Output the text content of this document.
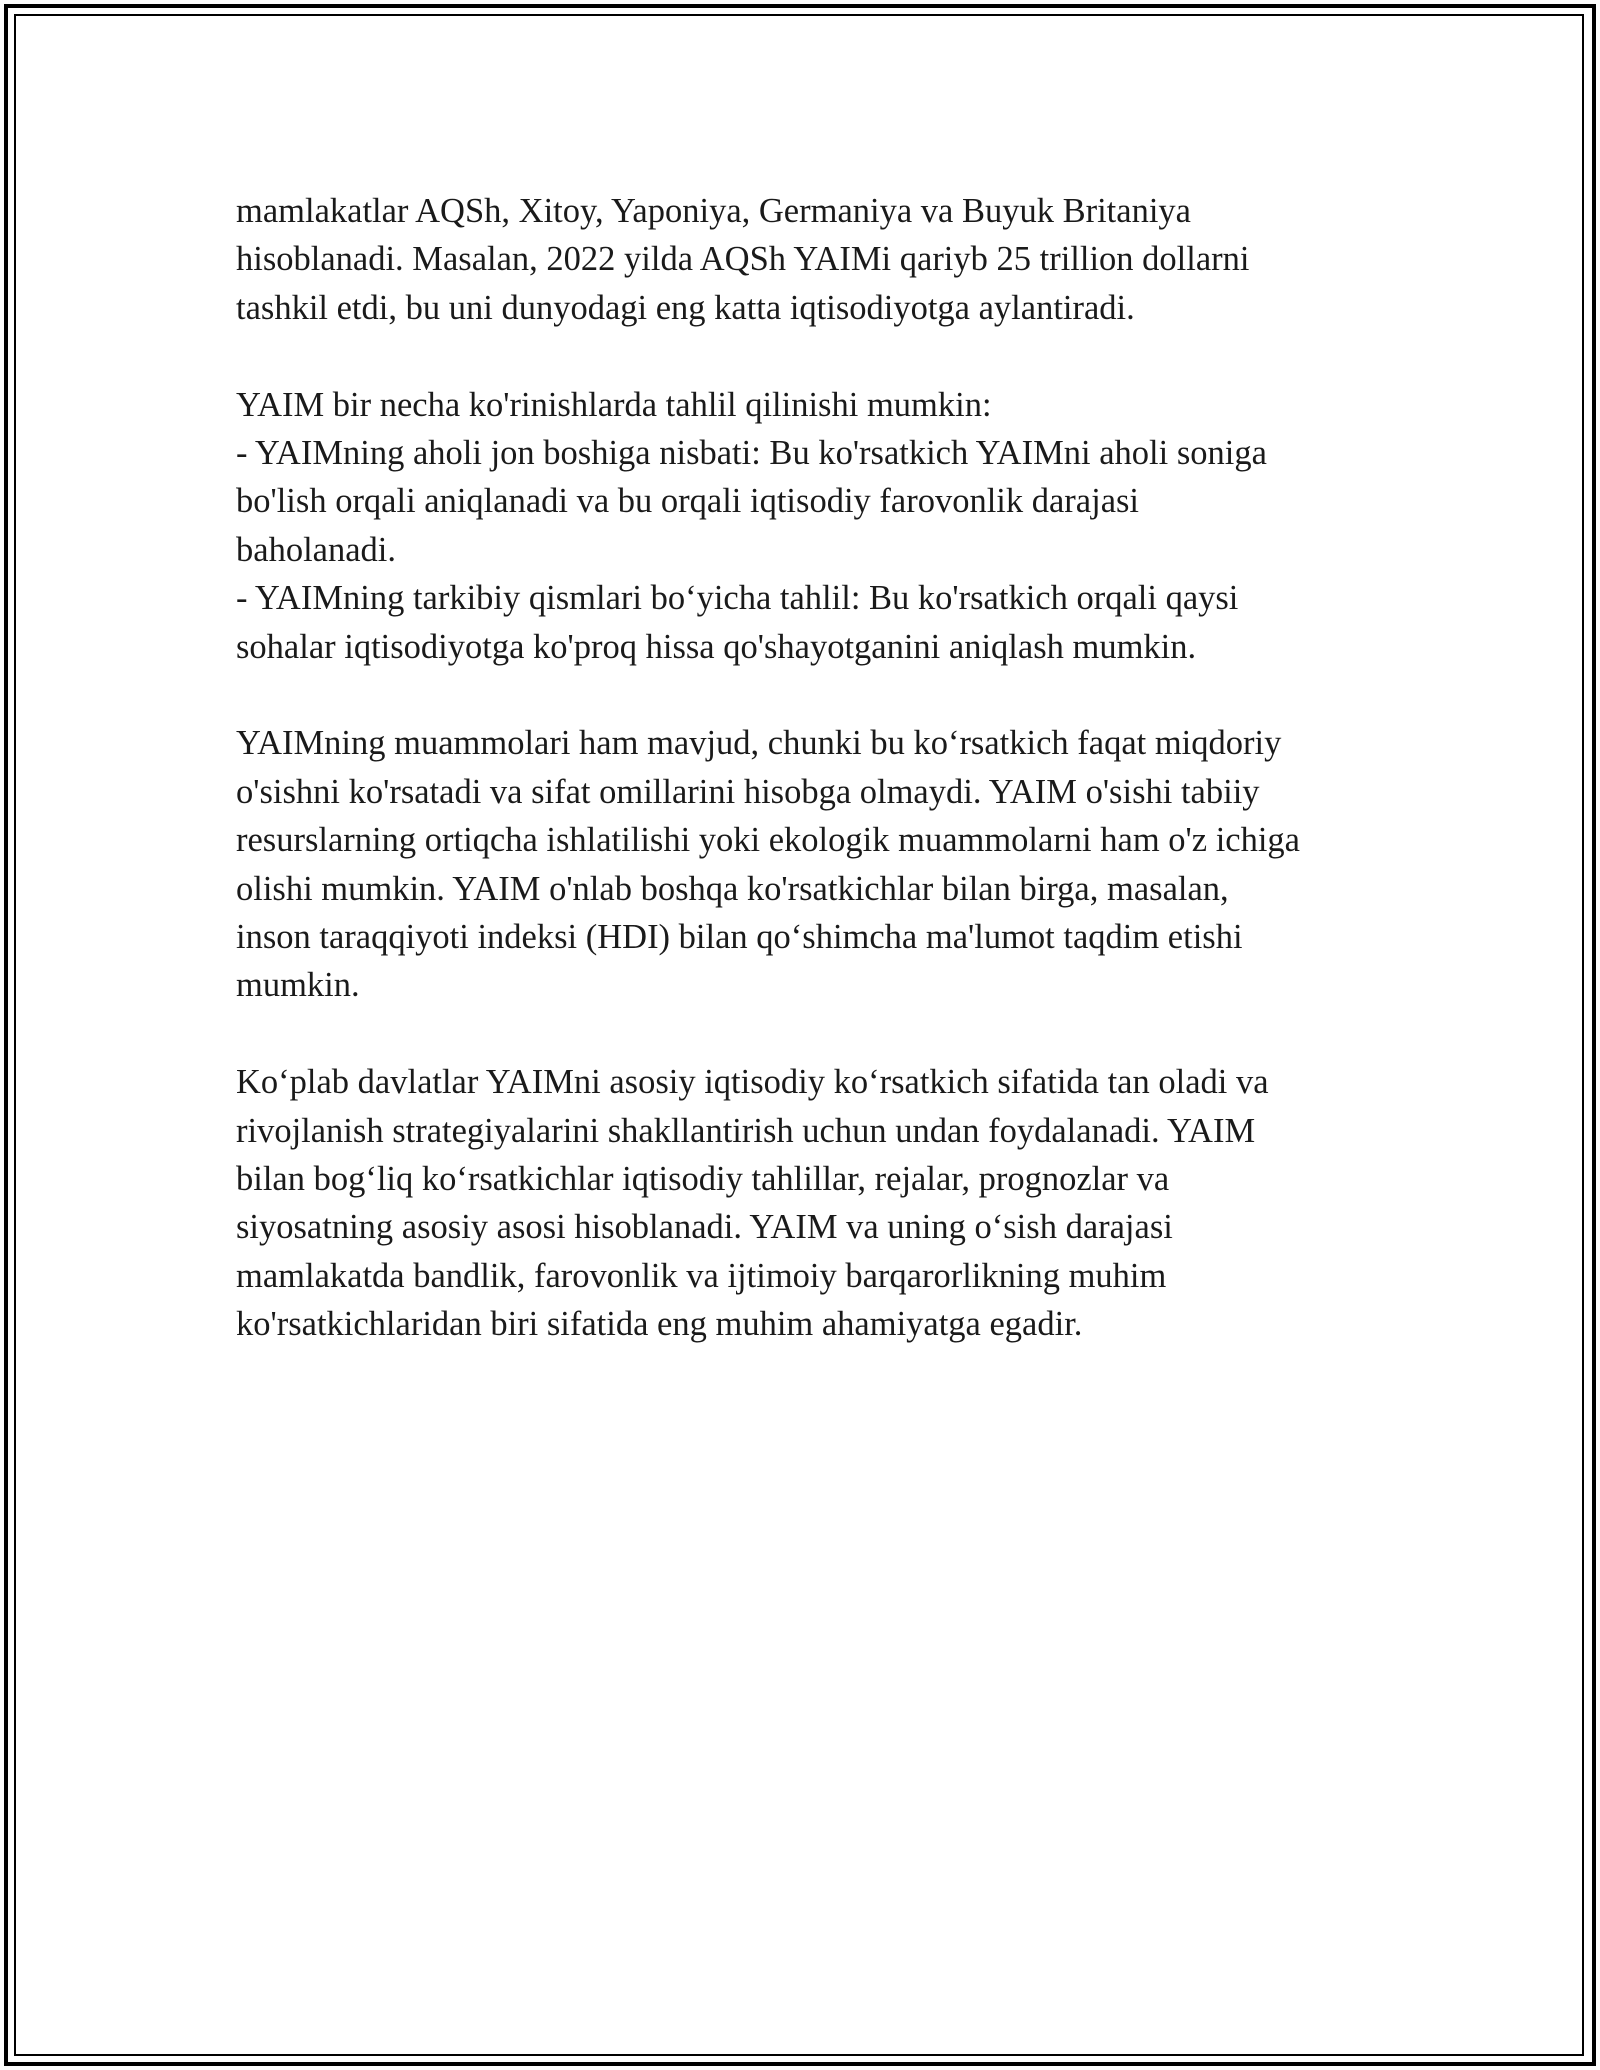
mamlakatlar AQSh, Xitoy, Yaponiya, Germaniya va Buyuk Britaniya
hisoblanadi. Masalan, 2022 yilda AQSh YAIMi qariyb 25 trillion dollarni
tashkil etdi, bu uni dunyodagi eng katta iqtisodiyotga aylantiradi.

YAIM bir necha ko'rinishlarda tahlil qilinishi mumkin:
- YAIMning aholi jon boshiga nisbati: Bu ko'rsatkich YAIMni aholi soniga
bo'lish orqali aniqlanadi va bu orqali iqtisodiy farovonlik darajasi
baholanadi.
- YAIMning tarkibiy qismlari bo‘yicha tahlil: Bu ko'rsatkich orqali qaysi
sohalar iqtisodiyotga ko'proq hissa qo'shayotganini aniqlash mumkin.

YAIMning muammolari ham mavjud, chunki bu ko‘rsatkich faqat miqdoriy
o'sishni ko'rsatadi va sifat omillarini hisobga olmaydi. YAIM o'sishi tabiiy
resurslarning ortiqcha ishlatilishi yoki ekologik muammolarni ham o'z ichiga
olishi mumkin. YAIM o'nlab boshqa ko'rsatkichlar bilan birga, masalan,
inson taraqqiyoti indeksi (HDI) bilan qo‘shimcha ma'lumot taqdim etishi
mumkin.

Ko‘plab davlatlar YAIMni asosiy iqtisodiy ko‘rsatkich sifatida tan oladi va
rivojlanish strategiyalarini shakllantirish uchun undan foydalanadi. YAIM
bilan bog‘liq ko‘rsatkichlar iqtisodiy tahlillar, rejalar, prognozlar va
siyosatning asosiy asosi hisoblanadi. YAIM va uning o‘sish darajasi
mamlakatda bandlik, farovonlik va ijtimoiy barqarorlikning muhim
ko'rsatkichlaridan biri sifatida eng muhim ahamiyatga egadir.
